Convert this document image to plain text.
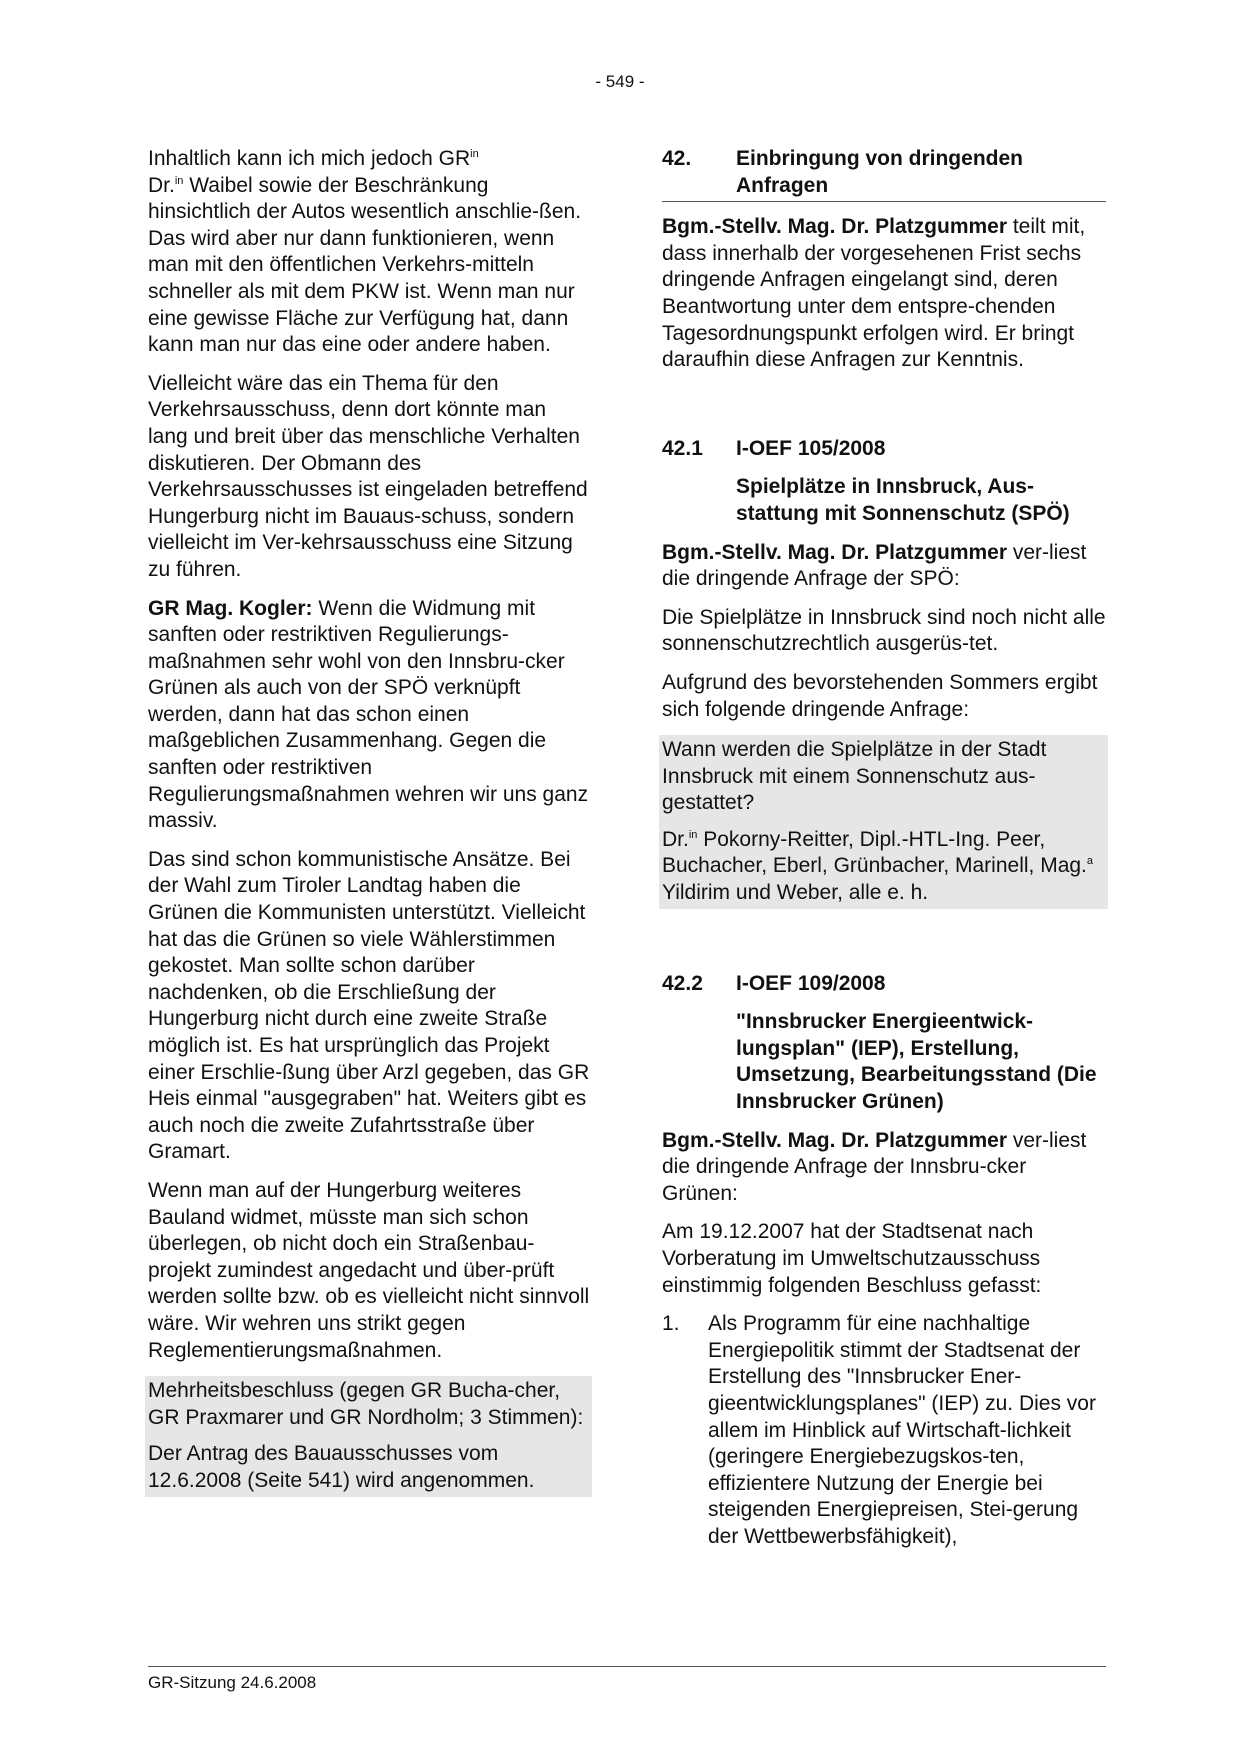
- 549 -

Inhaltlich kann ich mich jedoch $GR^{in}$
Dr.$^{in}$ Waibel sowie der Beschränkung hinsichtlich der Autos wesentlich anschlie-ßen. Das wird aber nur dann funktionieren, wenn man mit den öffentlichen Verkehrs-mitteln schneller als mit dem PKW ist. Wenn man nur eine gewisse Fläche zur Verfügung hat, dann kann man nur das eine oder andere haben.

Vielleicht wäre das ein Thema für den Verkehrsausschuss, denn dort könnte man lang und breit über das menschliche Verhalten diskutieren. Der Obmann des Verkehrsausschusses ist eingeladen betreffend Hungerburg nicht im Bauaus-schuss, sondern vielleicht im Ver-kehrsausschuss eine Sitzung zu führen.

GR Mag. Kogler: Wenn die Widmung mit sanften oder restriktiven Regulierungs-maßnahmen sehr wohl von den Innsbru-cker Grünen als auch von der SPÖ verknüpft werden, dann hat das schon einen maßgeblichen Zusammenhang. Gegen die sanften oder restriktiven Regulierungsmaßnahmen wehren wir uns ganz massiv.

Das sind schon kommunistische Ansätze. Bei der Wahl zum Tiroler Landtag haben die Grünen die Kommunisten unterstützt. Vielleicht hat das die Grünen so viele Wählerstimmen gekostet. Man sollte schon darüber nachdenken, ob die Erschließung der Hungerburg nicht durch eine zweite Straße möglich ist. Es hat ursprünglich das Projekt einer Erschlie-ßung über Arzl gegeben, das GR Heis einmal "ausgegraben" hat. Weiters gibt es auch noch die zweite Zufahrtsstraße über Gramart.

Wenn man auf der Hungerburg weiteres Bauland widmet, müsste man sich schon überlegen, ob nicht doch ein Straßenbau-projekt zumindest angedacht und über-prüft werden sollte bzw. ob es vielleicht nicht sinnvoll wäre. Wir wehren uns strikt gegen Reglementierungsmaßnahmen.

Mehrheitsbeschluss (gegen GR Bucha-cher, GR Praxmarer und GR Nordholm; 3 Stimmen):

Der Antrag des Bauausschusses vom 12.6.2008 (Seite 541) wird angenommen.

42.	Einbringung von dringenden Anfragen

Bgm.-Stellv. Mag. Dr. Platzgummer teilt mit, dass innerhalb der vorgesehenen Frist sechs dringende Anfragen eingelangt sind, deren Beantwortung unter dem entspre-chenden Tagesordnungspunkt erfolgen wird. Er bringt daraufhin diese Anfragen zur Kenntnis.

42.1	I-OEF 105/2008
Spielplätze in Innsbruck, Aus-stattung mit Sonnenschutz (SPÖ)

Bgm.-Stellv. Mag. Dr. Platzgummer ver-liest die dringende Anfrage der SPÖ:

Die Spielplätze in Innsbruck sind noch nicht alle sonnenschutzrechtlich ausgerüs-tet.

Aufgrund des bevorstehenden Sommers ergibt sich folgende dringende Anfrage:

Wann werden die Spielplätze in der Stadt Innsbruck mit einem Sonnenschutz aus-gestattet?

Dr.$^{in}$ Pokorny-Reitter, Dipl.-HTL-Ing. Peer, Buchacher, Eberl, Grünbacher, Marinell, Mag.$^a$ Yildirim und Weber, alle e. h.

42.2	I-OEF 109/2008
"Innsbrucker Energieentwick-lungsplan" (IEP), Erstellung, Umsetzung, Bearbeitungsstand (Die Innsbrucker Grünen)

Bgm.-Stellv. Mag. Dr. Platzgummer ver-liest die dringende Anfrage der Innsbru-cker Grünen:

Am 19.12.2007 hat der Stadtsenat nach Vorberatung im Umweltschutzausschuss einstimmig folgenden Beschluss gefasst:

1.	Als Programm für eine nachhaltige Energiepolitik stimmt der Stadtsenat der Erstellung des "Innsbrucker Ener-gieentwicklungsplanes" (IEP) zu. Dies vor allem im Hinblick auf Wirtschaft-lichkeit (geringere Energiebezugskos-ten, effizientere Nutzung der Energie bei steigenden Energiepreisen, Stei-gerung der Wettbewerbsfähigkeit),
GR-Sitzung 24.6.2008
